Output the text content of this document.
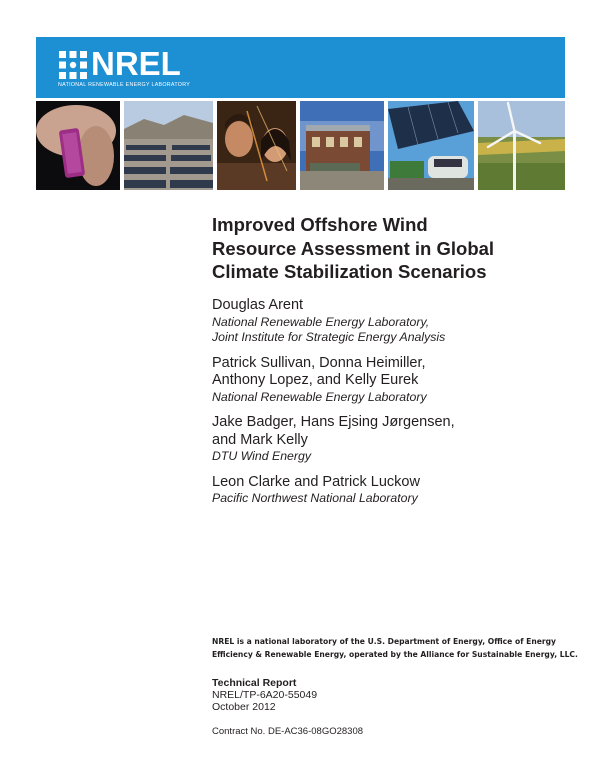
NREL
NATIONAL RENEWABLE ENERGY LABORATORY
Improved Offshore Wind
Resource Assessment in Global
Climate Stabilization Scenarios
Douglas Arent
National Renewable Energy Laboratory,
Joint Institute for Strategic Energy Analysis
Patrick Sullivan, Donna Heimiller,
Anthony Lopez, and Kelly Eurek
National Renewable Energy Laboratory
Jake Badger, Hans Ejsing Jørgensen,
and Mark Kelly
DTU Wind Energy
Leon Clarke and Patrick Luckow
Pacific Northwest National Laboratory
NREL is a national laboratory of the U.S. Department of Energy, Office of Energy
Efficiency & Renewable Energy, operated by the Alliance for Sustainable Energy, LLC.
Technical Report
NREL/TP-6A20-55049
October 2012
Contract No. DE-AC36-08GO28308
